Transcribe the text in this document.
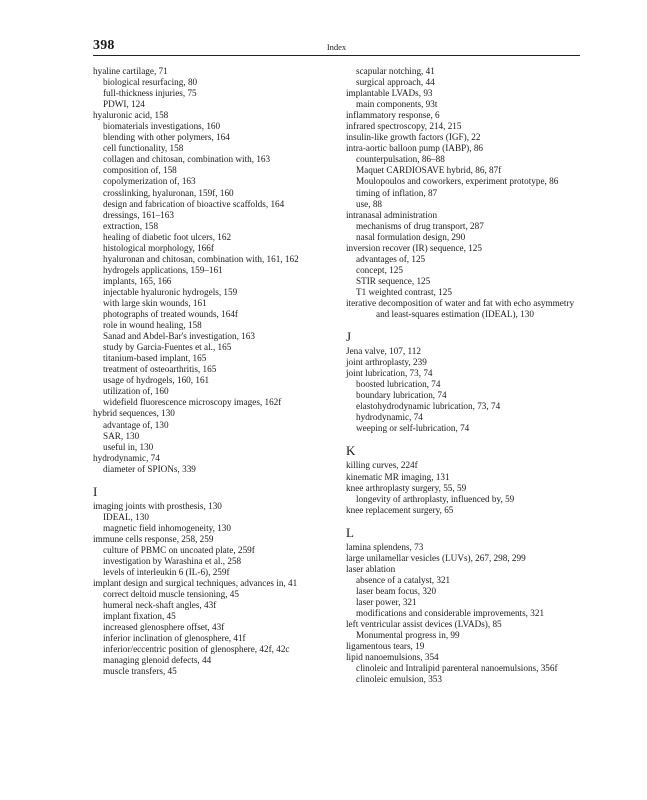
398	Index
hyaline cartilage, 71
biological resurfacing, 80
full-thickness injuries, 75
PDWI, 124
hyaluronic acid, 158
biomaterials investigations, 160
blending with other polymers, 164
cell functionality, 158
collagen and chitosan, combination with, 163
composition of, 158
copolymerization of, 163
crosslinking, hyaluronan, 159f, 160
design and fabrication of bioactive scaffolds, 164
dressings, 161–163
extraction, 158
healing of diabetic foot ulcers, 162
histological morphology, 166f
hyaluronan and chitosan, combination with, 161, 162
hydrogels applications, 159–161
implants, 165, 166
injectable hyaluronic hydrogels, 159
with large skin wounds, 161
photographs of treated wounds, 164f
role in wound healing, 158
Sanad and Abdel-Bar's investigation, 163
study by Garcia-Fuentes et al., 165
titanium-based implant, 165
treatment of osteoarthritis, 165
usage of hydrogels, 160, 161
utilization of, 160
widefield fluorescence microscopy images, 162f
hybrid sequences, 130
advantage of, 130
SAR, 130
useful in, 130
hydrodynamic, 74
diameter of SPIONs, 339
I
imaging joints with prosthesis, 130
IDEAL, 130
magnetic field inhomogeneity, 130
immune cells response, 258, 259
culture of PBMC on uncoated plate, 259f
investigation by Warashina et al., 258
levels of interleukin 6 (IL-6), 259f
implant design and surgical techniques, advances in, 41
correct deltoid muscle tensioning, 45
humeral neck-shaft angles, 43f
implant fixation, 45
increased glenosphere offset, 43f
inferior inclination of glenosphere, 41f
inferior/eccentric position of glenosphere, 42f, 42c
managing glenoid defects, 44
muscle transfers, 45
scapular notching, 41
surgical approach, 44
implantable LVADs, 93
main components, 93t
inflammatory response, 6
infrared spectroscopy, 214, 215
insulin-like growth factors (IGF), 22
intra-aortic balloon pump (IABP), 86
counterpulsation, 86–88
Maquet CARDIOSAVE hybrid, 86, 87f
Moulopoulos and coworkers, experiment prototype, 86
timing of inflation, 87
use, 88
intranasal administration
mechanisms of drug transport, 287
nasal formulation design, 290
inversion recover (IR) sequence, 125
advantages of, 125
concept, 125
STIR sequence, 125
T1 weighted contrast, 125
iterative decomposition of water and fat with echo asymmetry and least-squares estimation (IDEAL), 130
J
Jena valve, 107, 112
joint arthroplasty, 239
joint lubrication, 73, 74
boosted lubrication, 74
boundary lubrication, 74
elastohydrodynamic lubrication, 73, 74
hydrodynamic, 74
weeping or self-lubrication, 74
K
killing curves, 224f
kinematic MR imaging, 131
knee arthroplasty surgery, 55, 59
longevity of arthroplasty, influenced by, 59
knee replacement surgery, 65
L
lamina splendens, 73
large unilamellar vesicles (LUVs), 267, 298, 299
laser ablation
absence of a catalyst, 321
laser beam focus, 320
laser power, 321
modifications and considerable improvements, 321
left ventricular assist devices (LVADs), 85
Monumental progress in, 99
ligamentous tears, 19
lipid nanoemulsions, 354
clinoleic and Intralipid parenteral nanoemulsions, 356f
clinoleic emulsion, 353
